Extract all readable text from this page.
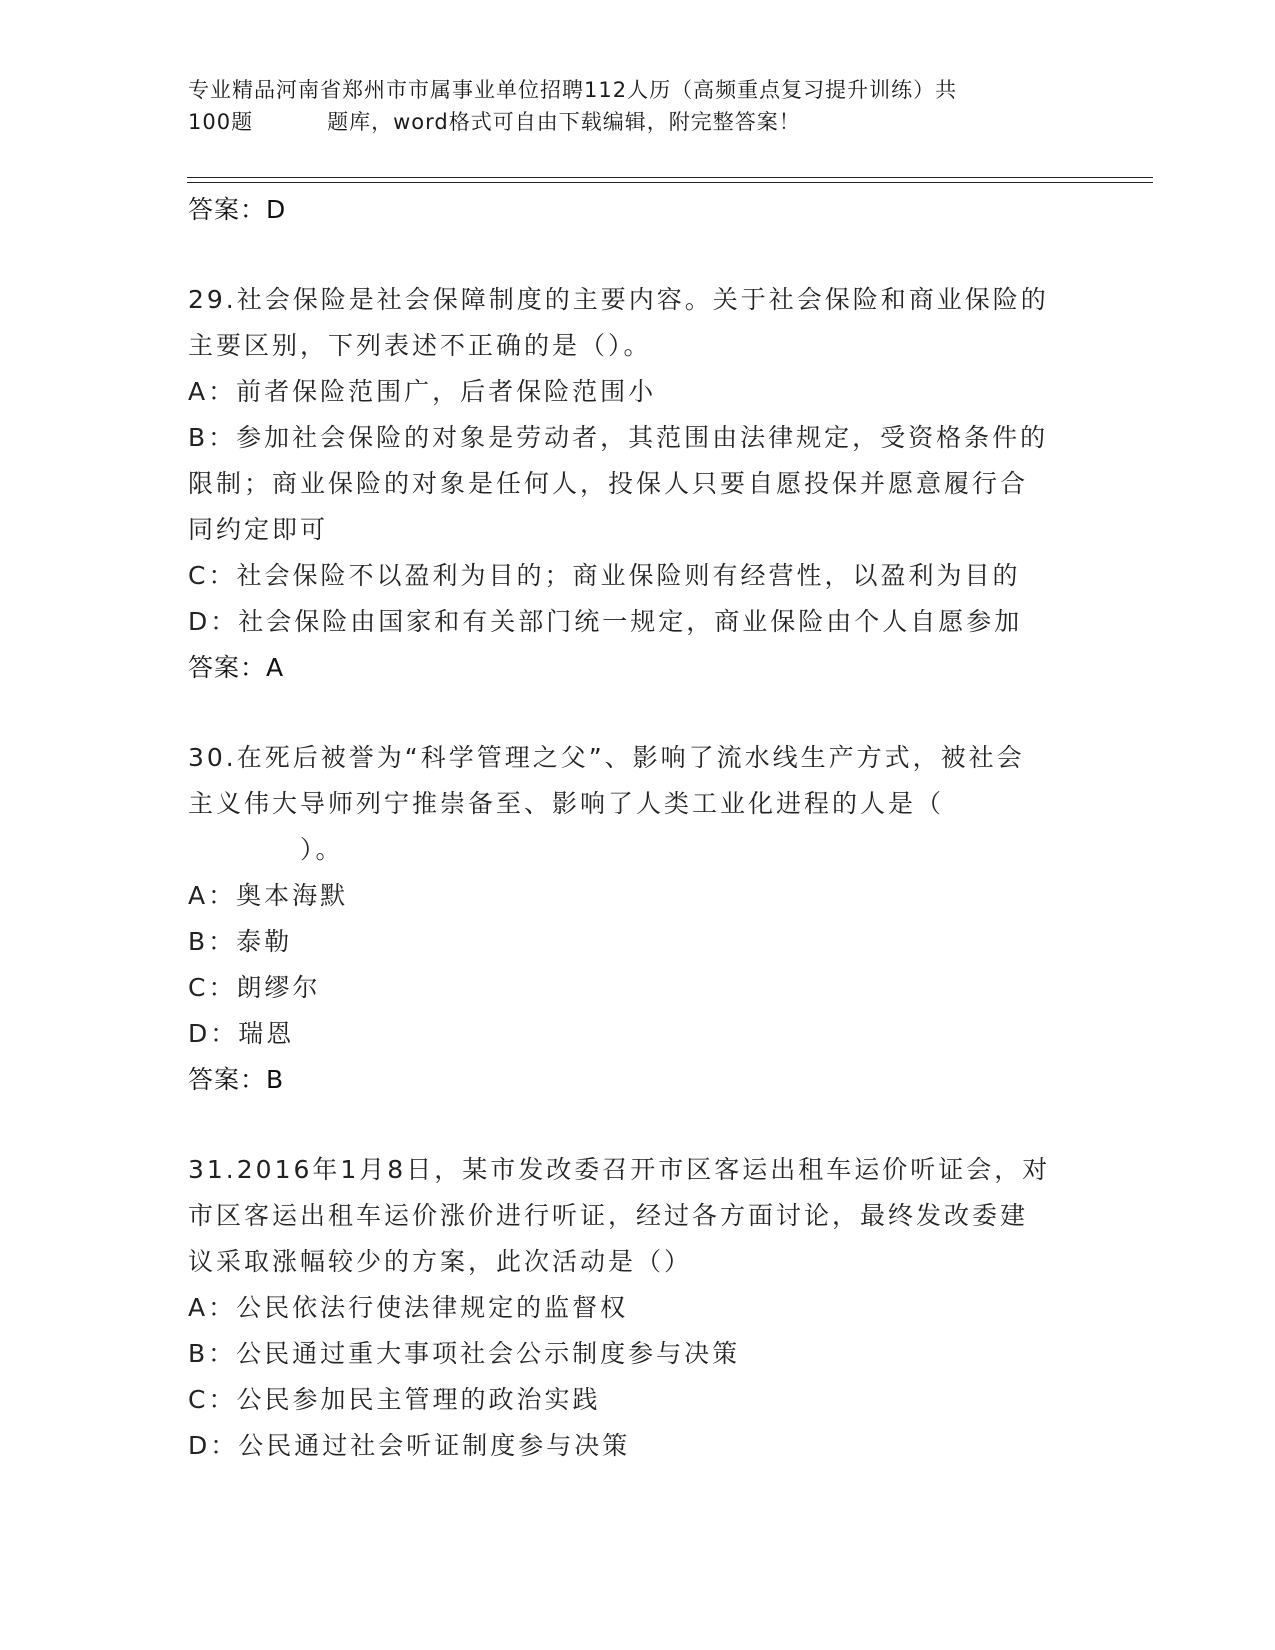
专业精品河南省郑州市市属事业单位招聘112人历（高频重点复习提升训练）共
100题	题库，word格式可自由下载编辑，附完整答案！
答案：D
29.社会保险是社会保障制度的主要内容。关于社会保险和商业保险的
主要区别，下列表述不正确的是（）。
A：前者保险范围广，后者保险范围小
B：参加社会保险的对象是劳动者，其范围由法律规定，受资格条件的
限制；商业保险的对象是任何人，投保人只要自愿投保并愿意履行合
同约定即可
C：社会保险不以盈利为目的；商业保险则有经营性，以盈利为目的
D：社会保险由国家和有关部门统一规定，商业保险由个人自愿参加
答案：A
30.在死后被誉为“科学管理之父”、影响了流水线生产方式，被社会
主义伟大导师列宁推崇备至、影响了人类工业化进程的人是（
）。
A：奥本海默
B：泰勒
C：朗缪尔
D：瑞恩
答案：B
31.2016年1月8日，某市发改委召开市区客运出租车运价听证会，对
市区客运出租车运价涨价进行听证，经过各方面讨论，最终发改委建
议采取涨幅较少的方案，此次活动是（）
A：公民依法行使法律规定的监督权
B：公民通过重大事项社会公示制度参与决策
C：公民参加民主管理的政治实践
D：公民通过社会听证制度参与决策
